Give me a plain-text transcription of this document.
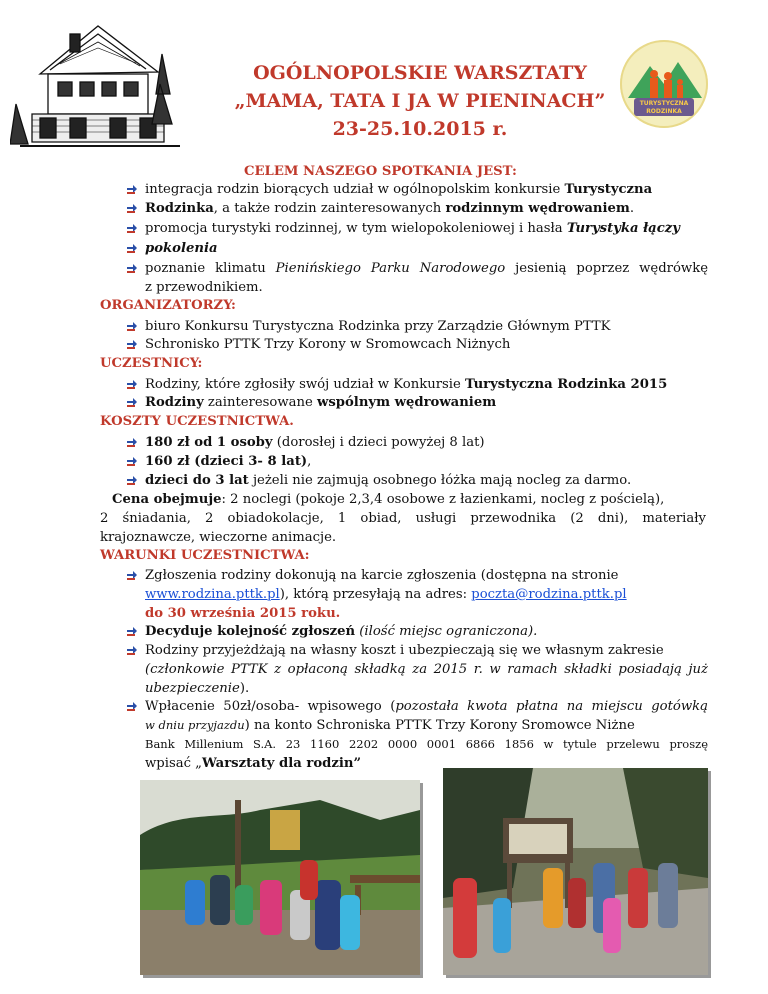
OGÓLNOPOLSKIE WARSZTATY
„MAMA, TATA I JA W PIENINACH”
23-25.10.2015 r.
TURYSTYCZNA
RODZINKA
CELEM NASZEGO SPOTKANIA JEST:
integracja rodzin biorących udział w ogólnopolskim konkursie Turystyczna
Rodzinka, a także rodzin zainteresowanych rodzinnym wędrowaniem.
promocja turystyki rodzinnej, w tym wielopokoleniowej i hasła Turystyka łączy
pokolenia
poznanie klimatu Pienińskiego Parku Narodowego jesienią poprzez wędrówkę
z przewodnikiem.
ORGANIZATORZY:
biuro Konkursu Turystyczna Rodzinka przy Zarządzie Głównym PTTK
Schronisko PTTK Trzy Korony w Sromowcach Niżnych
UCZESTNICY:
Rodziny, które zgłosiły swój udział w Konkursie Turystyczna Rodzinka 2015
Rodziny zainteresowane wspólnym wędrowaniem
KOSZTY UCZESTNICTWA.
180 zł od 1 osoby (dorosłej i dzieci powyżej 8 lat)
160 zł (dzieci 3- 8 lat),
dzieci do 3 lat jeżeli nie zajmują osobnego łóżka mają nocleg za darmo.
Cena obejmuje: 2 noclegi (pokoje 2,3,4 osobowe z łazienkami, nocleg z pościelą),
2 śniadania, 2 obiadokolacje, 1 obiad, usługi przewodnika (2 dni), materiały
krajoznawcze, wieczorne animacje.
WARUNKI UCZESTNICTWA:
Zgłoszenia rodziny dokonują na karcie zgłoszenia (dostępna na stronie
www.rodzina.pttk.pl), którą przesyłają na adres: poczta@rodzina.pttk.pl
do 30 września 2015 roku.
Decyduje kolejność zgłoszeń (ilość miejsc ograniczona).
Rodziny przyjeżdżają na własny koszt i ubezpieczają się we własnym zakresie
(członkowie PTTK z opłaconą składką za 2015 r. w ramach składki posiadają już
ubezpieczenie).
Wpłacenie 50zł/osoba- wpisowego (pozostała kwota płatna na miejscu gotówką
w dniu przyjazdu) na konto Schroniska PTTK Trzy Korony Sromowce Niżne
Bank Millenium S.A. 23 1160 2202 0000 0001 6866 1856 w tytule przelewu proszę
wpisać „Warsztaty dla rodzin”
